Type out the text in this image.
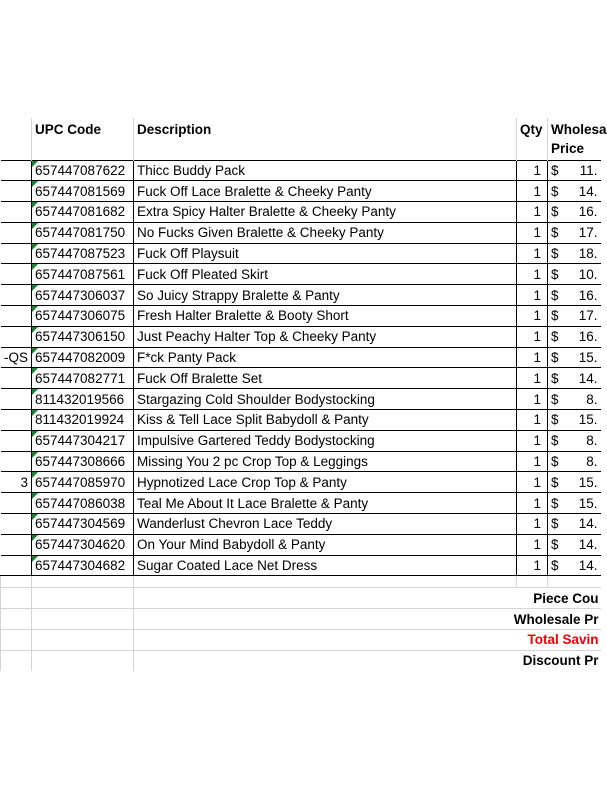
	UPC Code	Description	Qty	Wholesa
Price

657447087622	Thicc Buddy Pack	1	$ 11.

657447081569	Fuck Off Lace Bralette & Cheeky Panty	1	$ 14.

657447081682	Extra Spicy Halter Bralette & Cheeky Panty	1	$ 16.

657447081750	No Fucks Given Bralette & Cheeky Panty	1	$ 17.

657447087523	Fuck Off Playsuit	1	$ 18.

657447087561	Fuck Off Pleated Skirt	1	$ 10.

657447306037	So Juicy Strappy Bralette & Panty	1	$ 16.

657447306075	Fresh Halter Bralette & Booty Short	1	$ 17.

657447306150	Just Peachy Halter Top & Cheeky Panty	1	$ 16.

-QS	657447082009	F*ck Panty Pack	1	$ 15.

657447082771	Fuck Off Bralette Set	1	$ 14.

811432019566	Stargazing Cold Shoulder Bodystocking	1	$ 8.

811432019924	Kiss & Tell Lace Split Babydoll & Panty	1	$ 15.

657447304217	Impulsive Gartered Teddy Bodystocking	1	$ 8.

657447308666	Missing You 2 pc Crop Top & Leggings	1	$ 8.

3	657447085970	Hypnotized Lace Crop Top & Panty	1	$ 15.

657447086038	Teal Me About It Lace Bralette & Panty	1	$ 15.

657447304569	Wanderlust Chevron Lace Teddy	1	$ 14.

657447304620	On Your Mind Babydoll & Panty	1	$ 14.

657447304682	Sugar Coated Lace Net Dress	1	$ 14.

		Piece Cou		
		Wholesale Pr		
		Total Savin		
		Discount Pr		
